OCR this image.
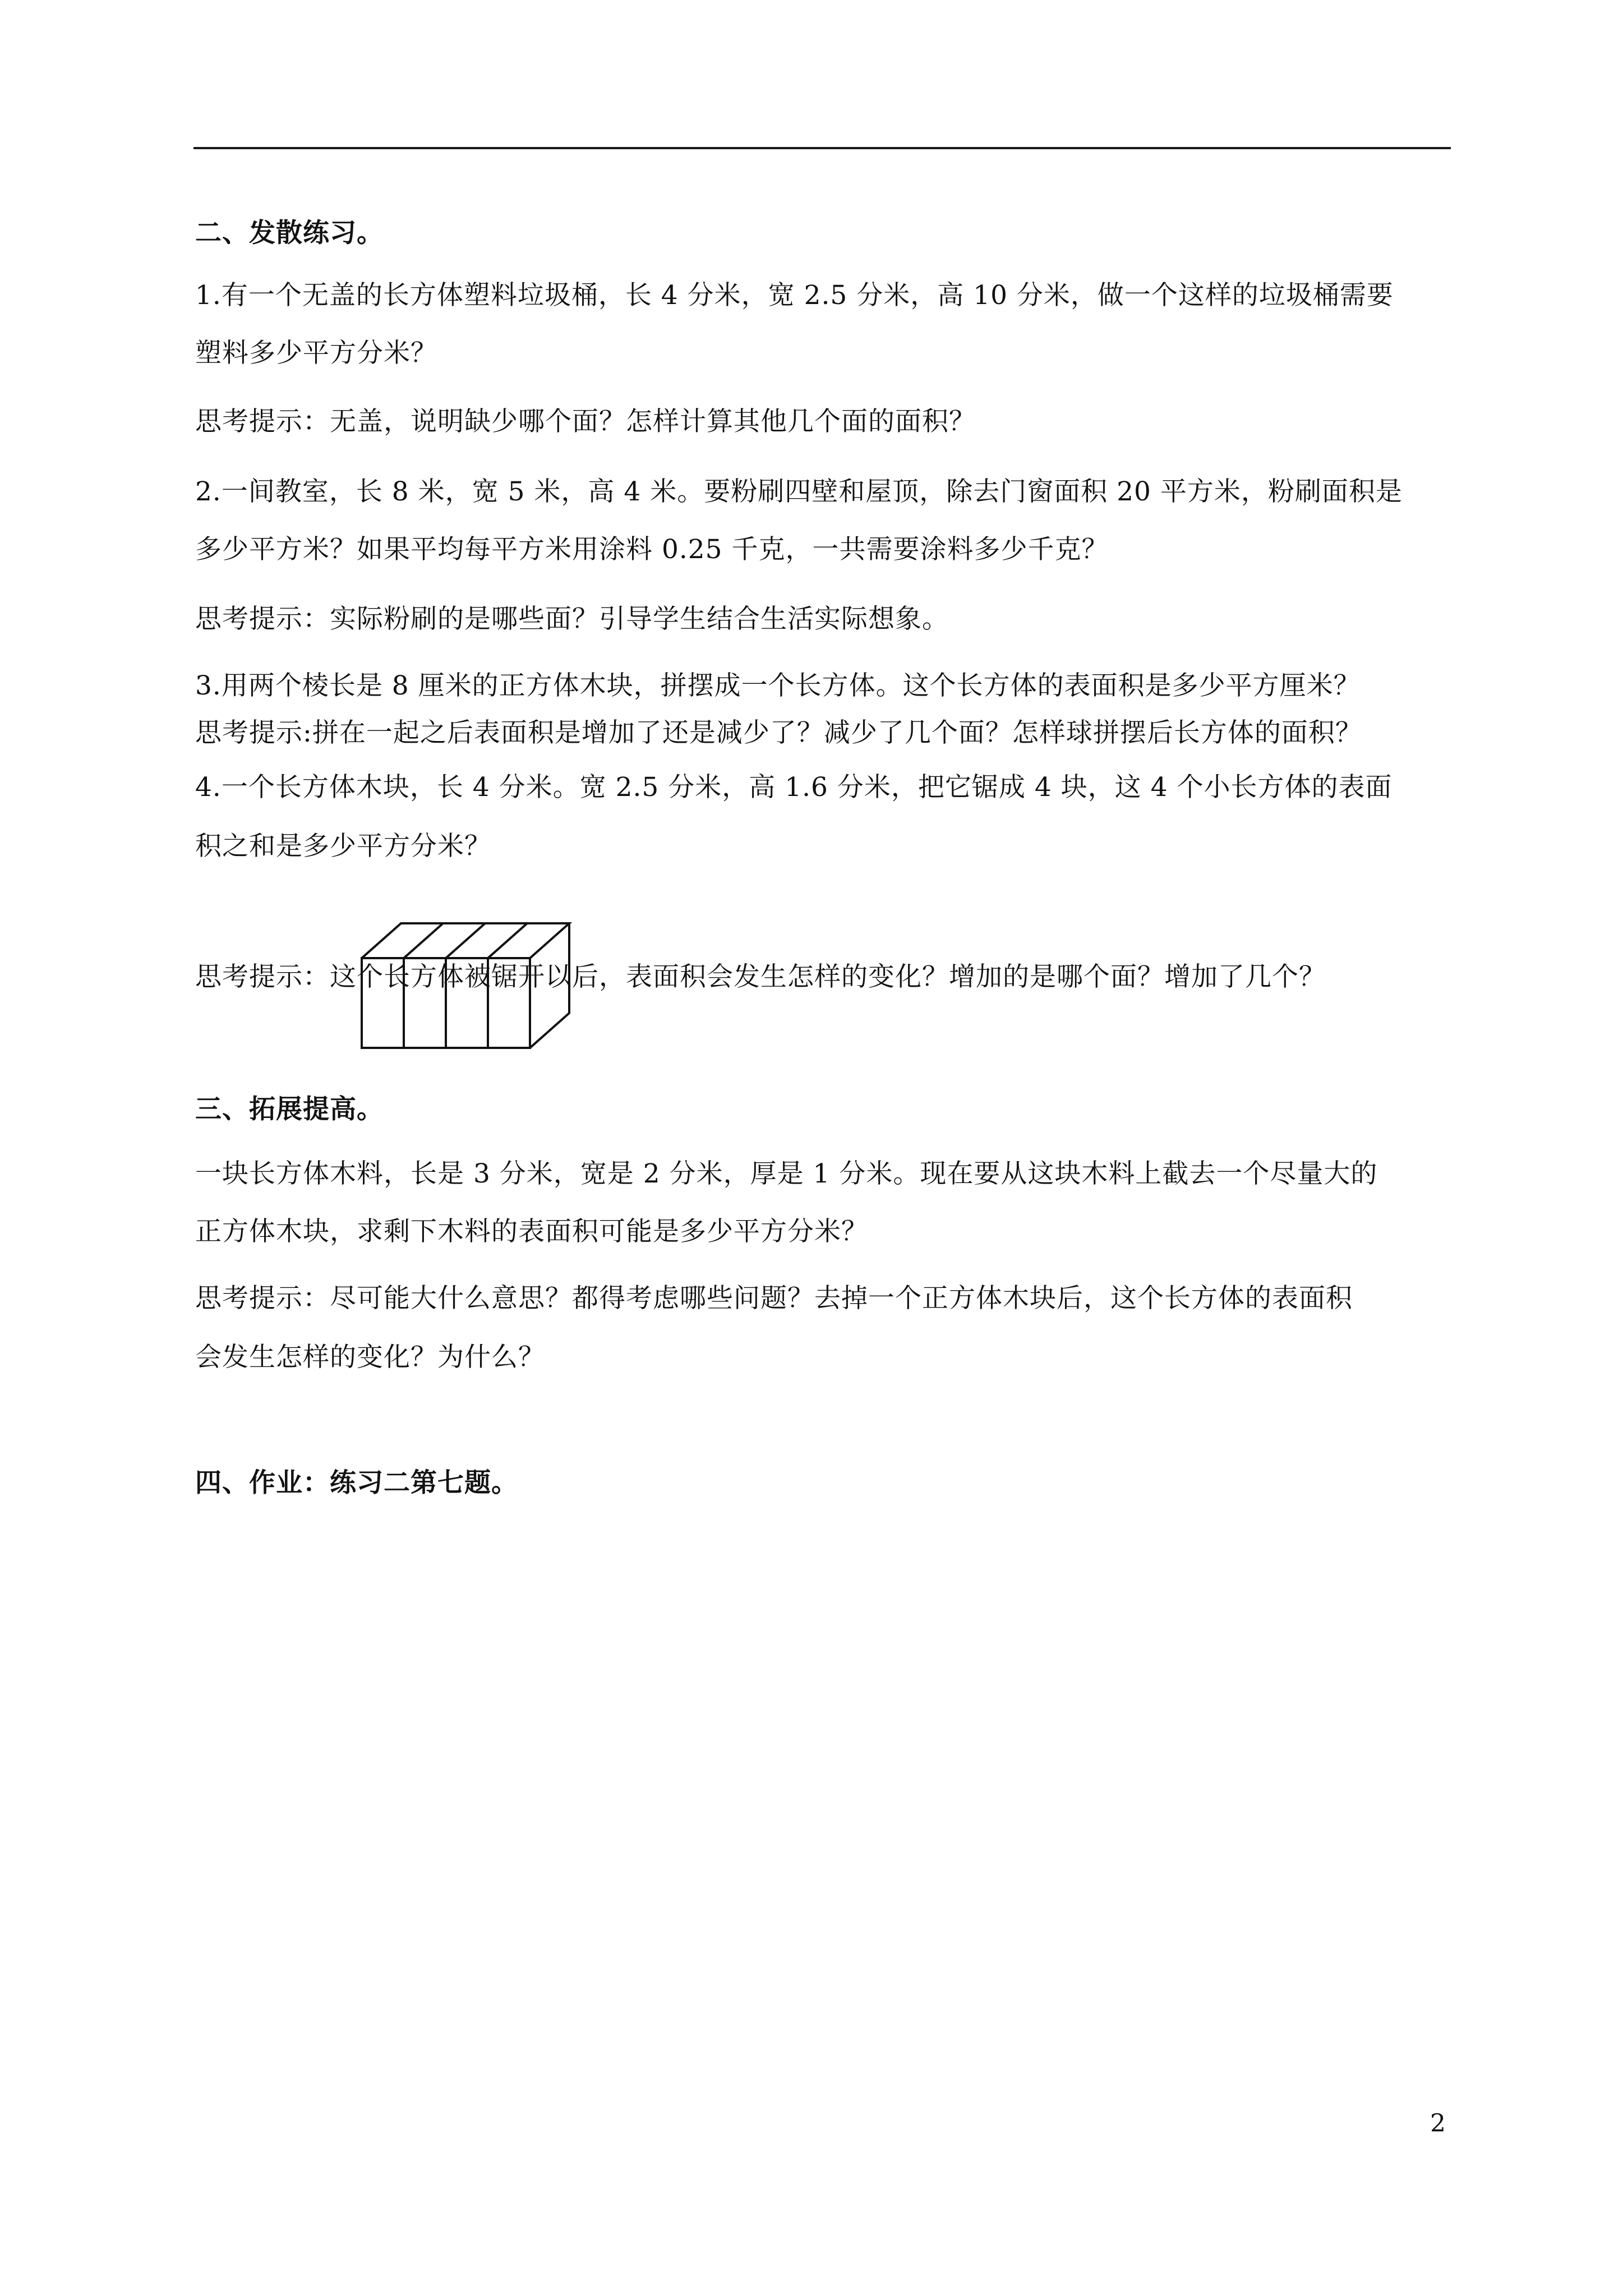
二、发散练习。
1.有一个无盖的长方体塑料垃圾桶，长 4 分米，宽 2.5 分米，高 10 分米，做一个这样的垃圾桶需要
塑料多少平方分米？
思考提示：无盖，说明缺少哪个面？怎样计算其他几个面的面积？
2.一间教室，长 8 米，宽 5 米，高 4 米。要粉刷四壁和屋顶，除去门窗面积 20 平方米，粉刷面积是
多少平方米？如果平均每平方米用涂料 0.25 千克，一共需要涂料多少千克？
思考提示：实际粉刷的是哪些面？引导学生结合生活实际想象。
3.用两个棱长是 8 厘米的正方体木块，拼摆成一个长方体。这个长方体的表面积是多少平方厘米？
思考提示:拼在一起之后表面积是增加了还是减少了？减少了几个面？怎样球拼摆后长方体的面积？
4.一个长方体木块，长 4 分米。宽 2.5 分米，高 1.6 分米，把它锯成 4 块，这 4 个小长方体的表面
积之和是多少平方分米？
思考提示：这个长方体被锯开以后，表面积会发生怎样的变化？增加的是哪个面？增加了几个？
三、拓展提高。
一块长方体木料，长是 3 分米，宽是 2 分米，厚是 1 分米。现在要从这块木料上截去一个尽量大的
正方体木块，求剩下木料的表面积可能是多少平方分米？
思考提示：尽可能大什么意思？都得考虑哪些问题？去掉一个正方体木块后，这个长方体的表面积
会发生怎样的变化？为什么？
四、作业：练习二第七题。
2
